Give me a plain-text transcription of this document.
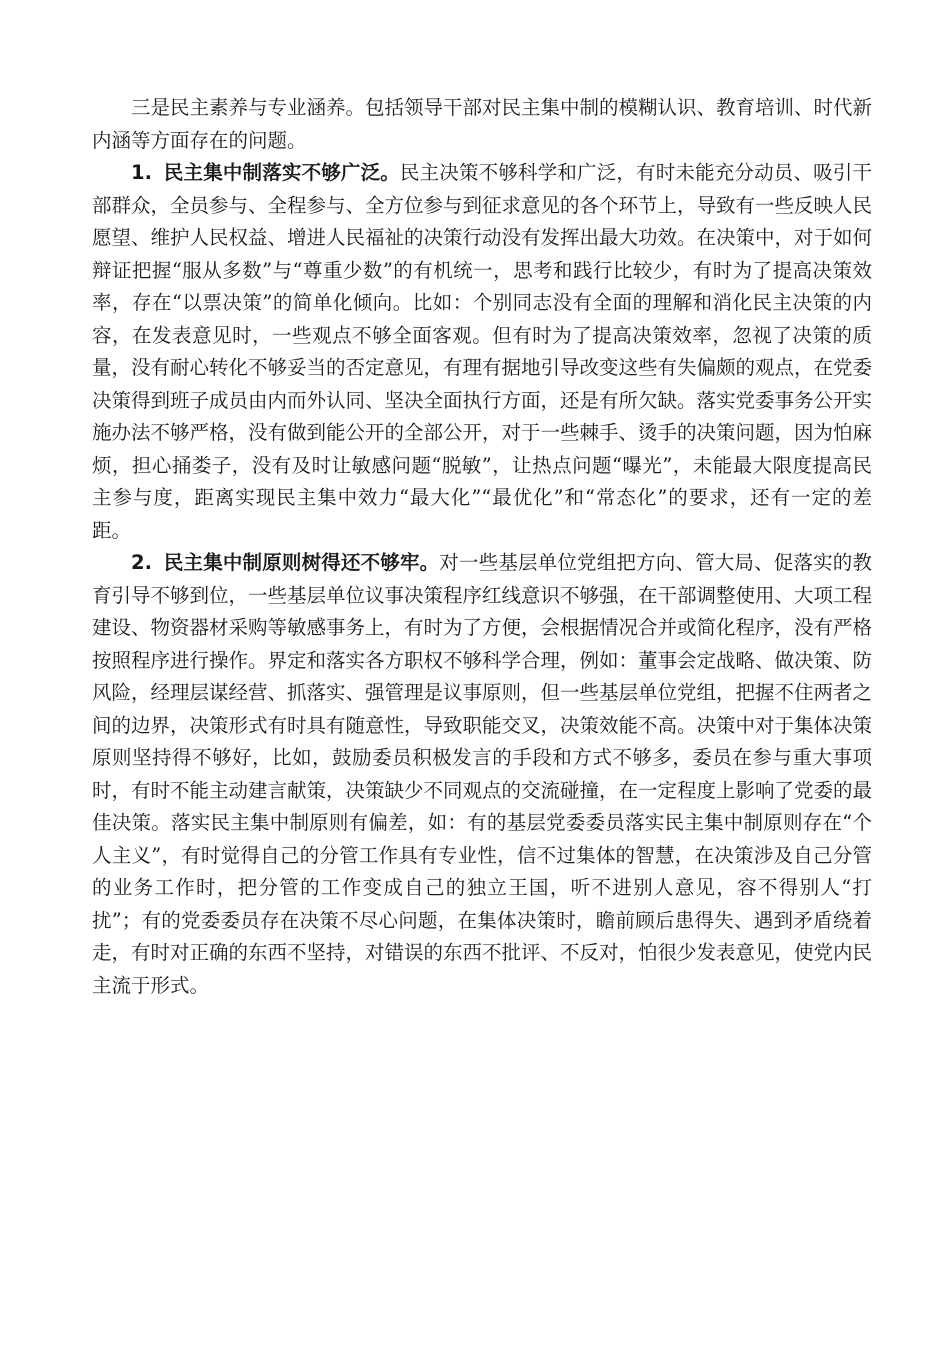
三是民主素养与专业涵养。包括领导干部对民主集中制的模糊认识、教育培训、时代新内涵等方面存在的问题。

1. 民主集中制落实不够广泛。民主决策不够科学和广泛，有时未能充分动员、吸引干部群众，全员参与、全程参与、全方位参与到征求意见的各个环节上，导致有一些反映人民愿望、维护人民权益、增进人民福祉的决策行动没有发挥出最大功效。在决策中，对于如何辩证把握“服从多数”与“尊重少数”的有机统一，思考和践行比较少，有时为了提高决策效率，存在“以票决策”的简单化倾向。比如：个别同志没有全面的理解和消化民主决策的内容，在发表意见时，一些观点不够全面客观。但有时为了提高决策效率，忽视了决策的质量，没有耐心转化不够妥当的否定意见，有理有据地引导改变这些有失偏颇的观点，在党委决策得到班子成员由内而外认同、坚决全面执行方面，还是有所欠缺。落实党委事务公开实施办法不够严格，没有做到能公开的全部公开，对于一些棘手、烫手的决策问题，因为怕麻烦，担心捅娄子，没有及时让敏感问题“脱敏”，让热点问题“曝光”，未能最大限度提高民主参与度，距离实现民主集中效力“最大化”“最优化”和“常态化”的要求，还有一定的差距。

2. 民主集中制原则树得还不够牢。对一些基层单位党组把方向、管大局、促落实的教育引导不够到位，一些基层单位议事决策程序红线意识不够强，在干部调整使用、大项工程建设、物资器材采购等敏感事务上，有时为了方便，会根据情况合并或简化程序，没有严格按照程序进行操作。界定和落实各方职权不够科学合理，例如：董事会定战略、做决策、防风险，经理层谋经营、抓落实、强管理是议事原则，但一些基层单位党组，把握不住两者之间的边界，决策形式有时具有随意性，导致职能交叉，决策效能不高。决策中对于集体决策原则坚持得不够好，比如，鼓励委员积极发言的手段和方式不够多，委员在参与重大事项时，有时不能主动建言献策，决策缺少不同观点的交流碰撞，在一定程度上影响了党委的最佳决策。落实民主集中制原则有偏差，如：有的基层党委委员落实民主集中制原则存在“个人主义”，有时觉得自己的分管工作具有专业性，信不过集体的智慧，在决策涉及自己分管的业务工作时，把分管的工作变成自己的独立王国，听不进别人意见，容不得别人“打扰”；有的党委委员存在决策不尽心问题，在集体决策时，瞻前顾后患得失、遇到矛盾绕着走，有时对正确的东西不坚持，对错误的东西不批评、不反对，怕很少发表意见，使党内民主流于形式。
